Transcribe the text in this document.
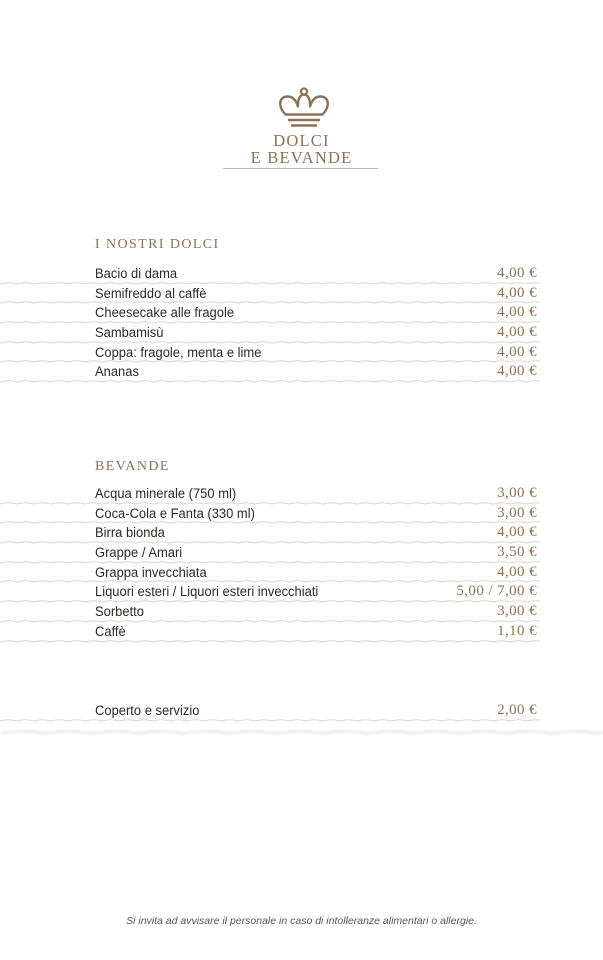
DOLCI
E BEVANDE
I NOSTRI DOLCI
Bacio di dama	4,00 €
Semifreddo al caffè	4,00 €
Cheesecake alle fragole	4,00 €
Sambamisù	4,00 €
Coppa: fragole, menta e lime	4,00 €
Ananas	4,00 €
BEVANDE
Acqua minerale (750 ml)	3,00 €
Coca-Cola e Fanta (330 ml)	3,00 €
Birra bionda	4,00 €
Grappe / Amari	3,50 €
Grappa invecchiata	4,00 €
Liquori esteri / Liquori esteri invecchiati	5,00 / 7,00 €
Sorbetto	3,00 €
Caffè	1,10 €
Coperto e servizio	2,00 €
Si invita ad avvisare il personale in caso di intolleranze alimentari o allergie.
